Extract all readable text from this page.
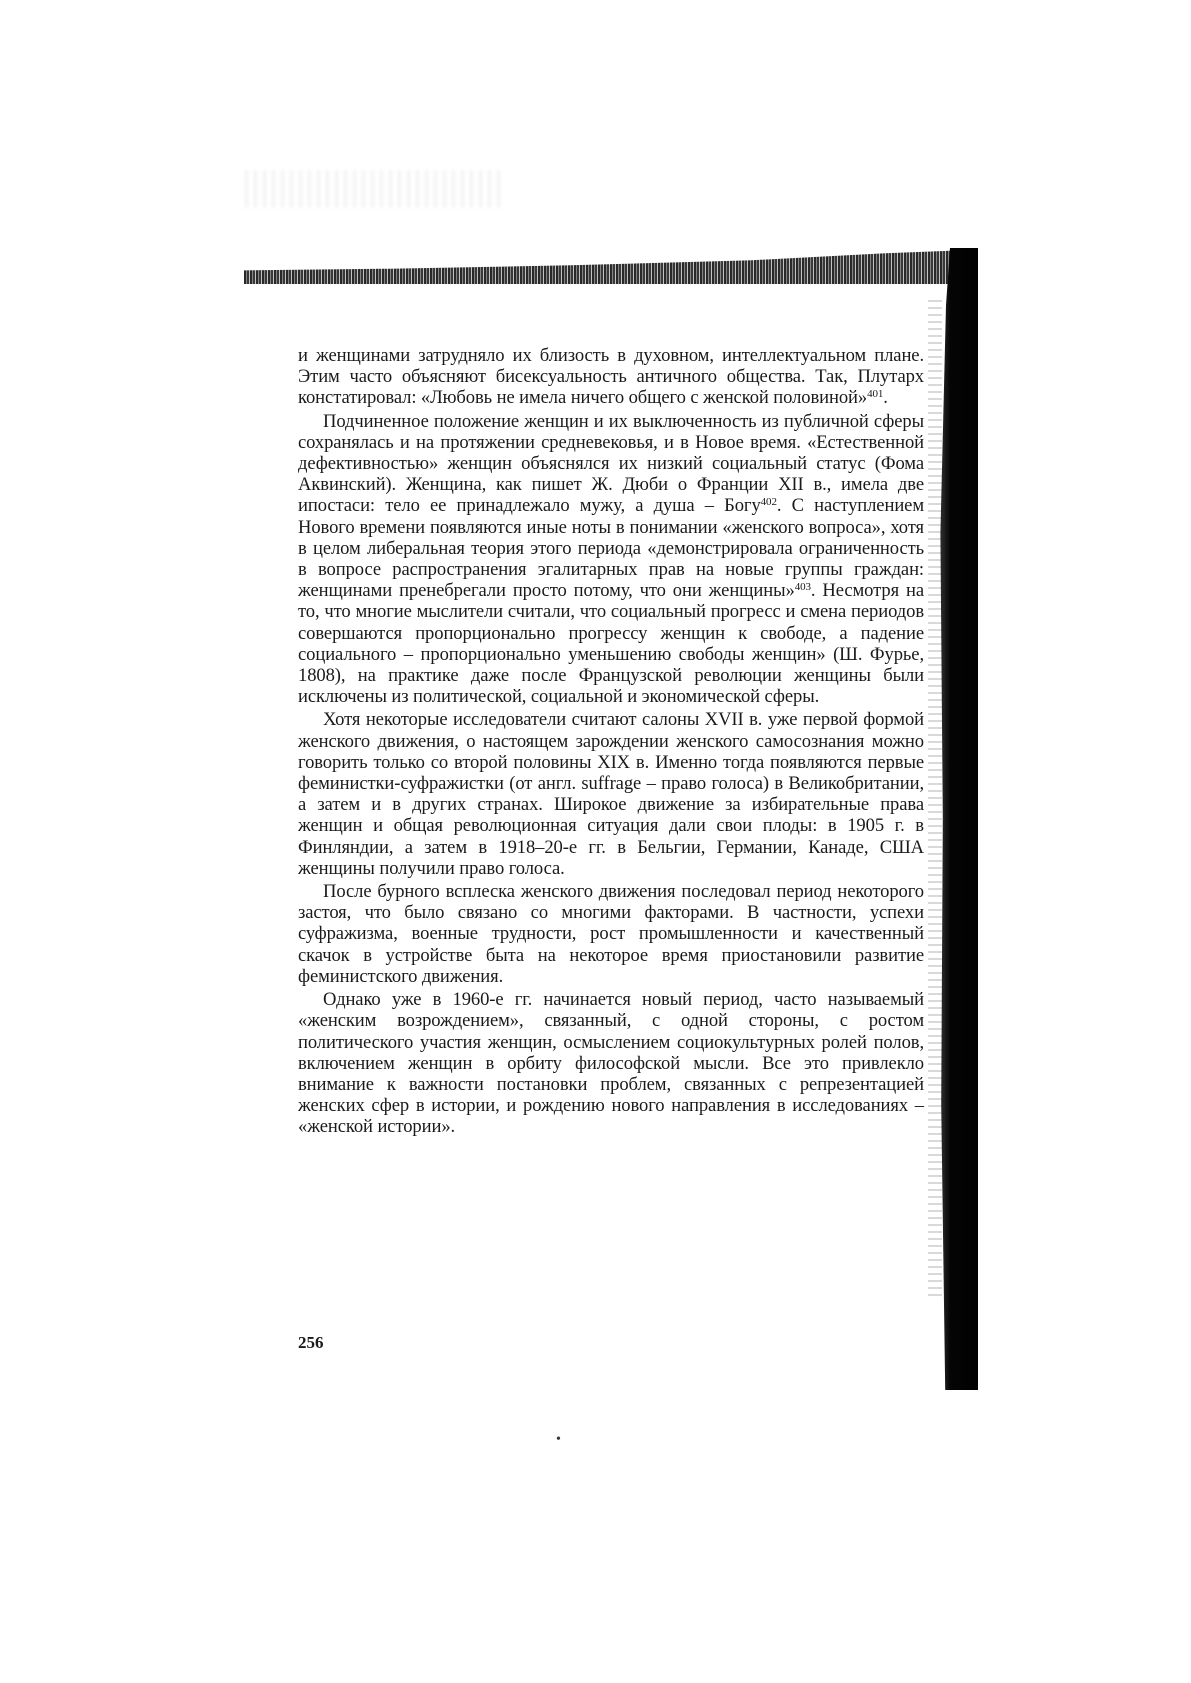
и женщинами затрудняло их близость в духовном, интеллектуальном плане. Этим часто объясняют бисексуальность античного общества. Так, Плутарх констатировал: «Любовь не имела ничего общего с женской половиной»$^{401}$.

Подчиненное положение женщин и их выключенность из публичной сферы сохранялась и на протяжении средневековья, и в Новое время. «Естественной дефективностью» женщин объяснялся их низкий социальный статус (Фома Аквинский). Женщина, как пишет Ж. Дюби о Франции XII в., имела две ипостаси: тело ее принадлежало мужу, а душа – Богу$^{402}$. С наступлением Нового времени появляются иные ноты в понимании «женского вопроса», хотя в целом либеральная теория этого периода «демонстрировала ограниченность в вопросе распространения эгалитарных прав на новые группы граждан: женщинами пренебрегали просто потому, что они женщины»$^{403}$. Несмотря на то, что многие мыслители считали, что социальный прогресс и смена периодов совершаются пропорционально прогрессу женщин к свободе, а падение социального – пропорционально уменьшению свободы женщин» (Ш. Фурье, 1808), на практике даже после Французской революции женщины были исключены из политической, социальной и экономической сферы.

Хотя некоторые исследователи считают салоны XVII в. уже первой формой женского движения, о настоящем зарождении женского самосознания можно говорить только со второй половины XIX в. Именно тогда появляются первые феминистки-суфражистки (от англ. suffrage – право голоса) в Великобритании, а затем и в других странах. Широкое движение за избирательные права женщин и общая революционная ситуация дали свои плоды: в 1905 г. в Финляндии, а затем в 1918–20-е гг. в Бельгии, Германии, Канаде, США женщины получили право голоса.

После бурного всплеска женского движения последовал период некоторого застоя, что было связано со многими факторами. В частности, успехи суфражизма, военные трудности, рост промышленности и качественный скачок в устройстве быта на некоторое время приостановили развитие феминистского движения.

Однако уже в 1960-е гг. начинается новый период, часто называемый «женским возрождением», связанный, с одной стороны, с ростом политического участия женщин, осмыслением социокультурных ролей полов, включением женщин в орбиту философской мысли. Все это привлекло внимание к важности постановки проблем, связанных с репрезентацией женских сфер в истории, и рождению нового направления в исследованиях – «женской истории».

256
•
